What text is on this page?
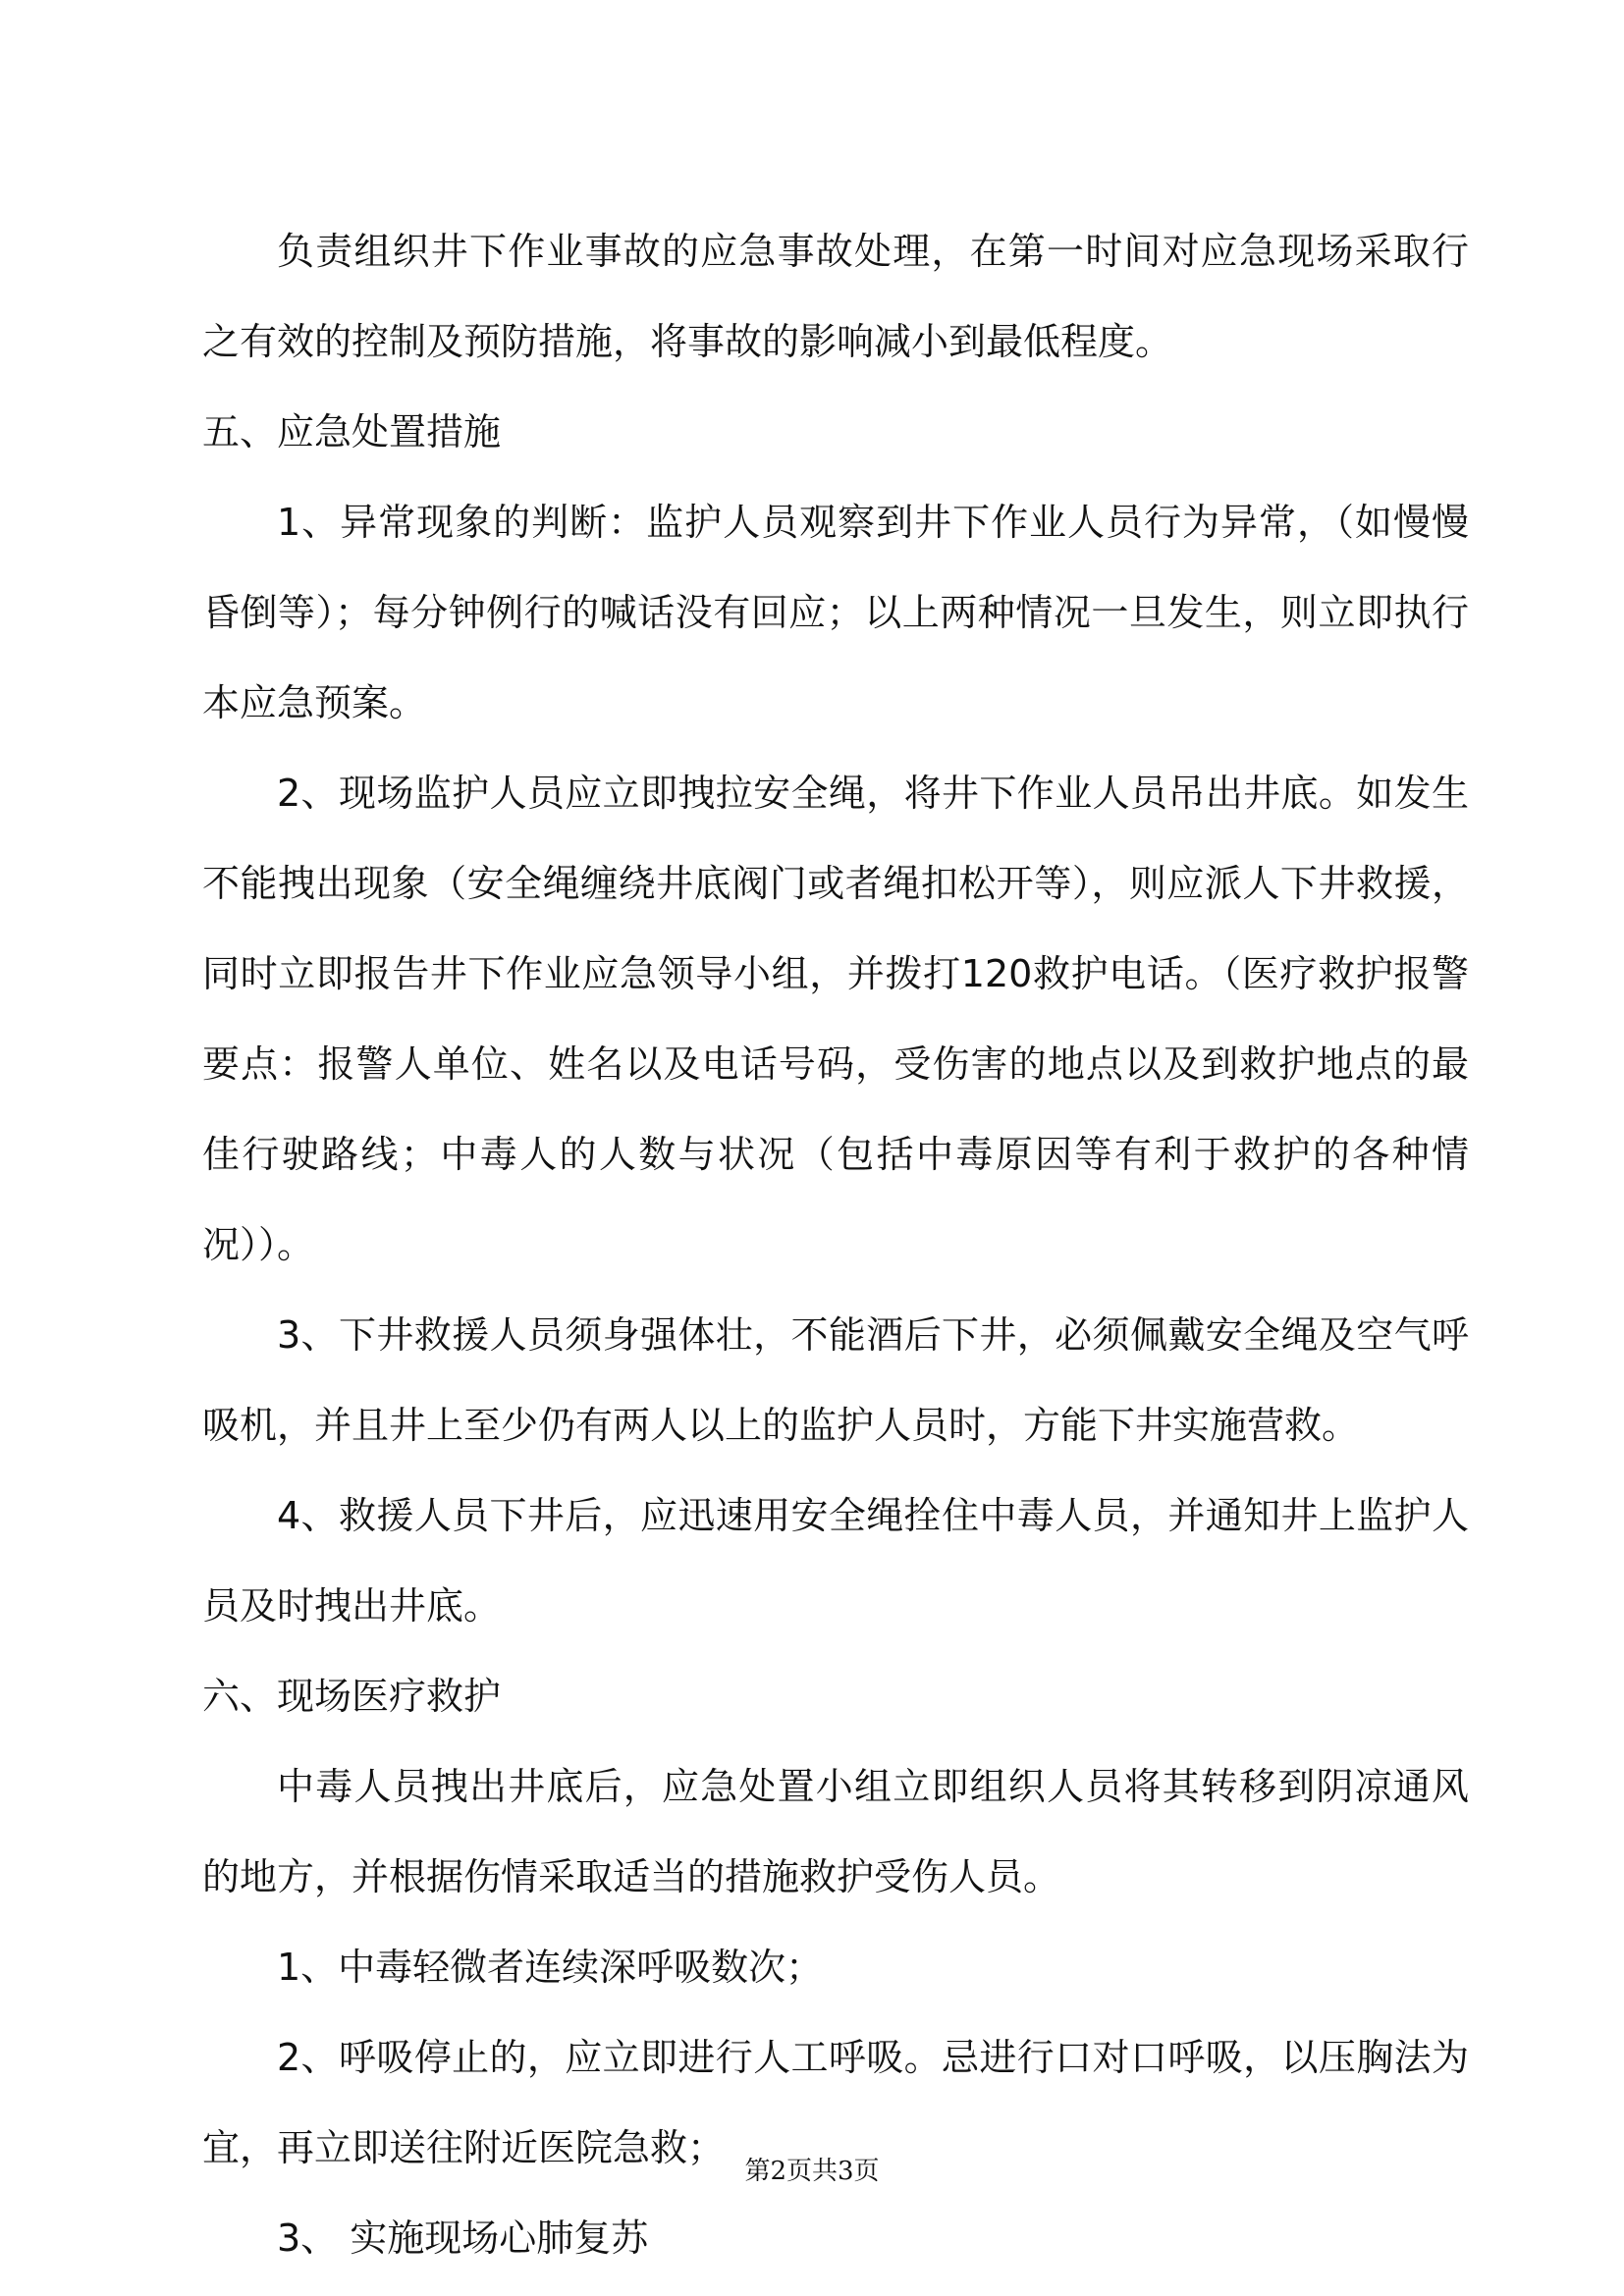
负责组织井下作业事故的应急事故处理，在第一时间对应急现场采取行之有效的控制及预防措施，将事故的影响减小到最低程度。

五、应急处置措施

1、异常现象的判断：监护人员观察到井下作业人员行为异常，（如慢慢昏倒等）；每分钟例行的喊话没有回应；以上两种情况一旦发生，则立即执行本应急预案。

2、现场监护人员应立即拽拉安全绳，将井下作业人员吊出井底。如发生不能拽出现象（安全绳缠绕井底阀门或者绳扣松开等），则应派人下井救援，同时立即报告井下作业应急领导小组，并拨打120救护电话。（医疗救护报警要点：报警人单位、姓名以及电话号码，受伤害的地点以及到救护地点的最佳行驶路线；中毒人的人数与状况（包括中毒原因等有利于救护的各种情况））。

3、下井救援人员须身强体壮，不能酒后下井，必须佩戴安全绳及空气呼吸机，并且井上至少仍有两人以上的监护人员时，方能下井实施营救。

4、救援人员下井后，应迅速用安全绳拴住中毒人员，并通知井上监护人员及时拽出井底。

六、现场医疗救护

中毒人员拽出井底后，应急处置小组立即组织人员将其转移到阴凉通风的地方，并根据伤情采取适当的措施救护受伤人员。

1、中毒轻微者连续深呼吸数次；

2、呼吸停止的，应立即进行人工呼吸。忌进行口对口呼吸，以压胸法为宜，再立即送往附近医院急救；

3、 实施现场心肺复苏

第2页共3页
